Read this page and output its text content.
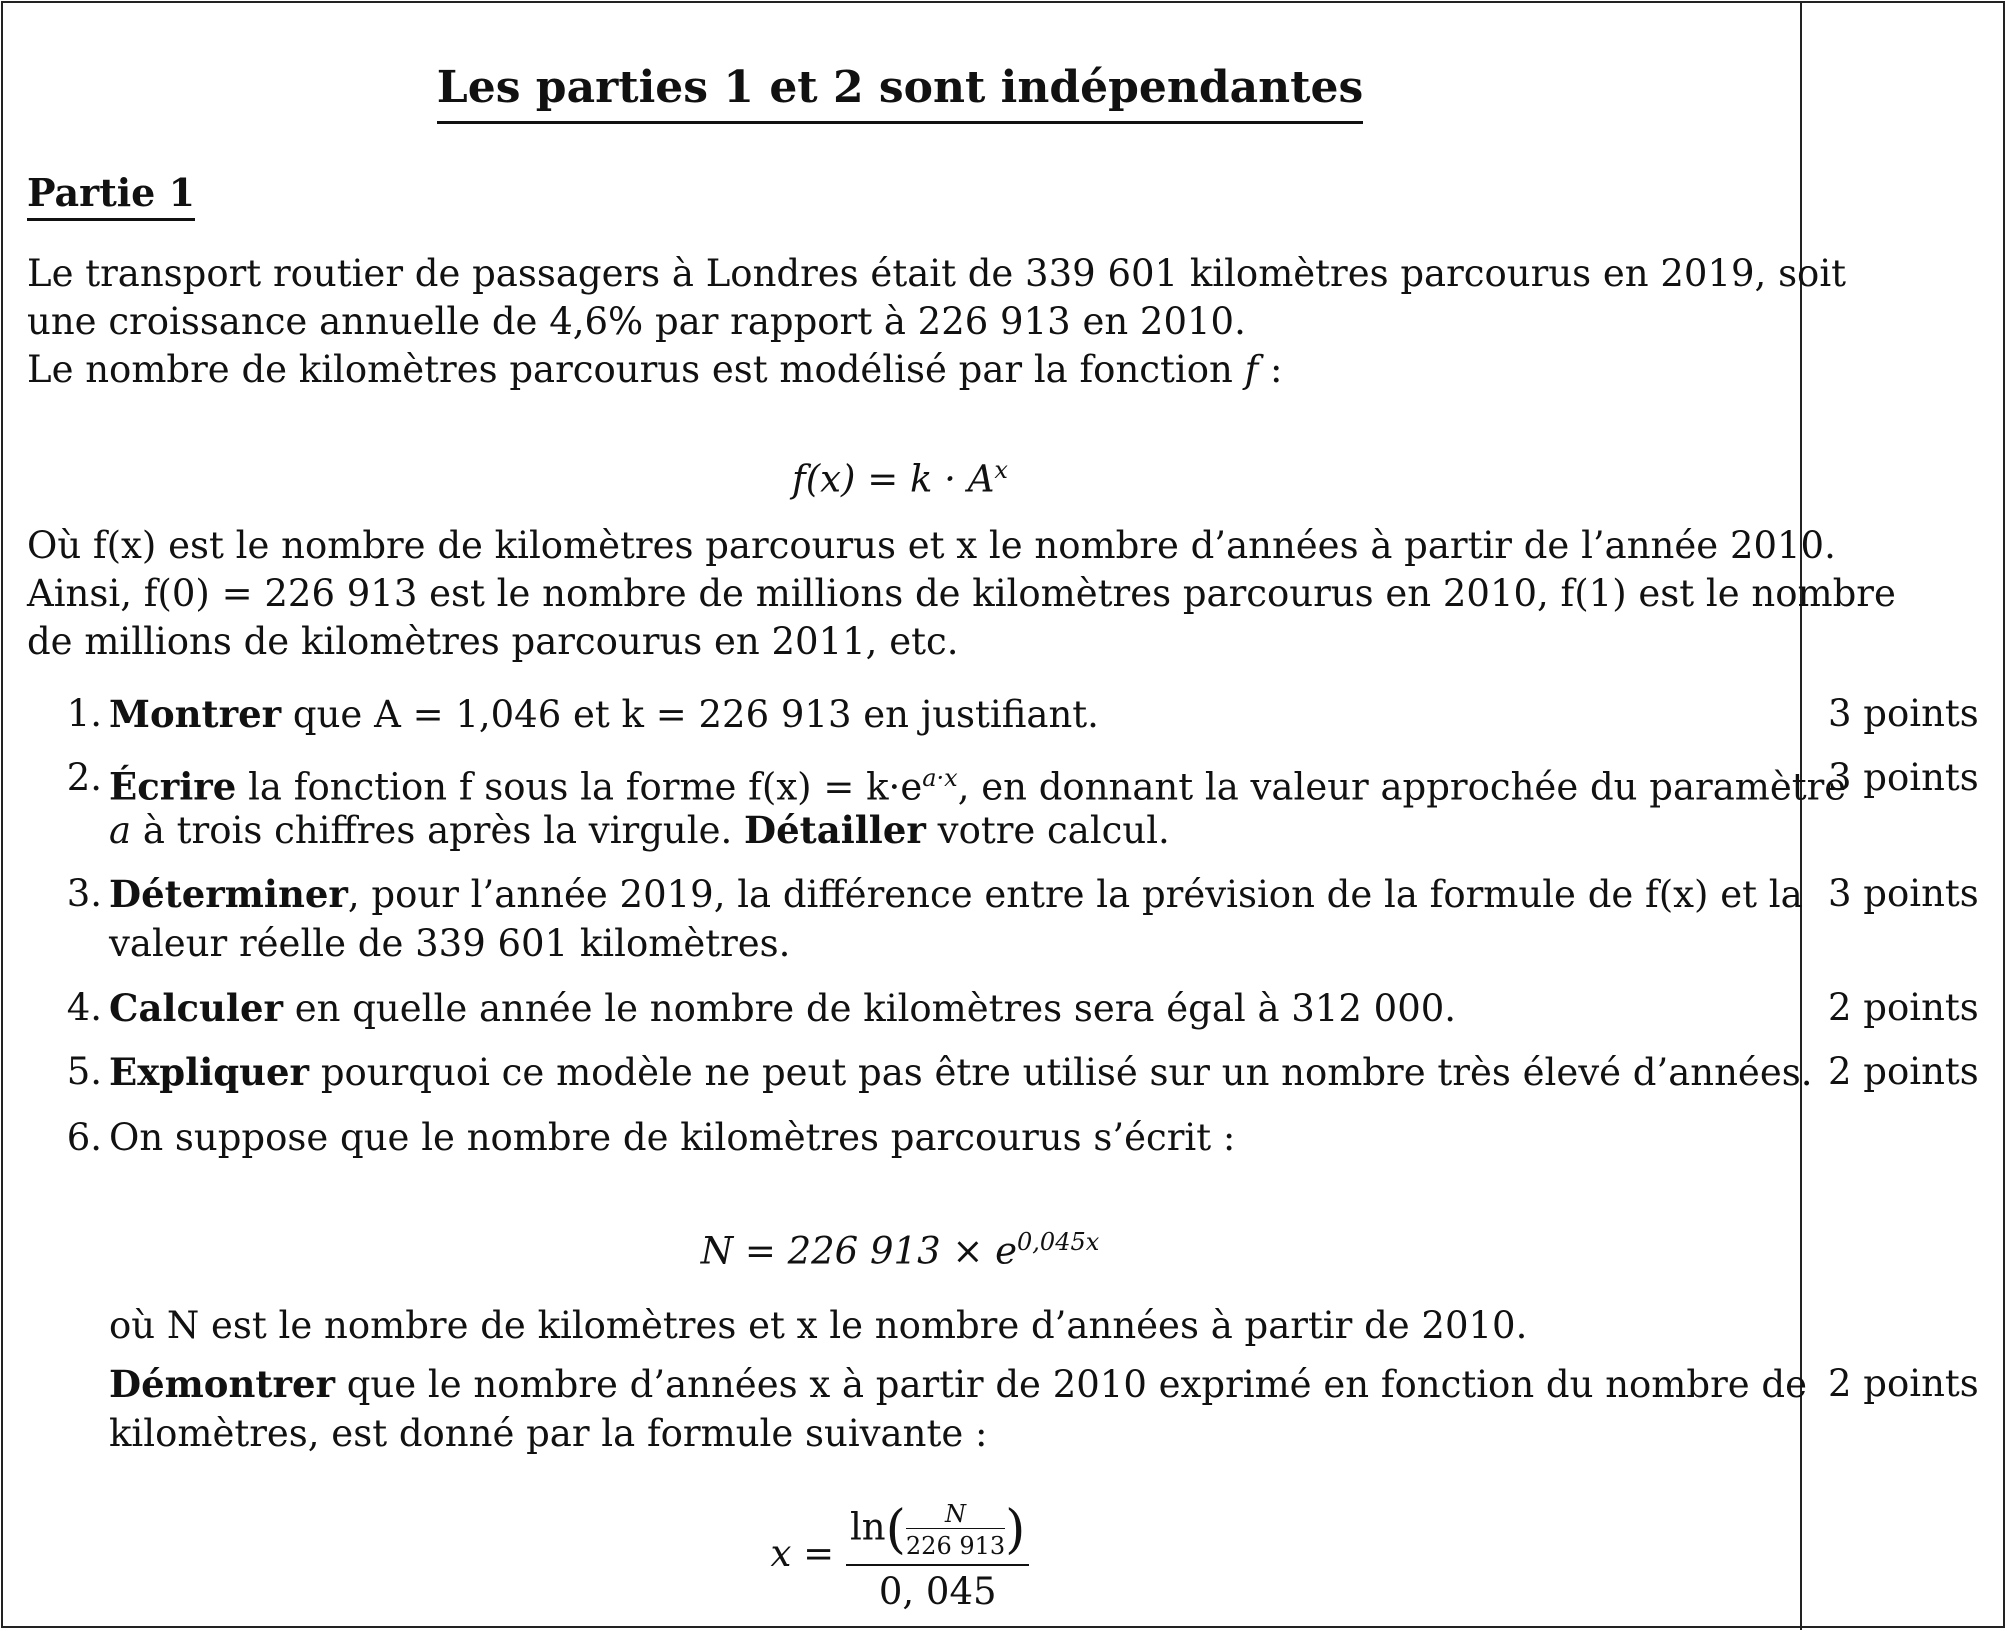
Les parties 1 et 2 sont indépendantes
Partie 1
Le transport routier de passagers à Londres était de 339 601 kilomètres parcourus en 2019, soit
une croissance annuelle de 4,6% par rapport à 226 913 en 2010.
Le nombre de kilomètres parcourus est modélisé par la fonction f :
$f(x) = k \cdot A^x$
Où f(x) est le nombre de kilomètres parcourus et x le nombre d’années à partir de l’année 2010.
Ainsi, f(0) = 226 913 est le nombre de millions de kilomètres parcourus en 2010, f(1) est le nombre
de millions de kilomètres parcourus en 2011, etc.
1. Montrer que A = 1,046 et k = 226 913 en justifiant.	3 points
2. Écrire la fonction f sous la forme $f(x) = k\cdot e^{a\cdot x}$, en donnant la valeur approchée du paramètre
a à trois chiffres après la virgule. Détailler votre calcul.
3 points
3. Déterminer, pour l’année 2019, la différence entre la prévision de la formule de f(x) et la
valeur réelle de 339 601 kilomètres.
3 points
4. Calculer en quelle année le nombre de kilomètres sera égal à 312 000.	2 points
5. Expliquer pourquoi ce modèle ne peut pas être utilisé sur un nombre très élevé d’années. 2 points
6. On suppose que le nombre de kilomètres parcourus s’écrit :
N = 226 $913 \times e^{0,045x}$
où N est le nombre de kilomètres et x le nombre d’années à partir de 2010.
Démontrer que le nombre d’années x à partir de 2010 exprimé en fonction du nombre de
kilomètres, est donné par la formule suivante :
2 points
$x = \frac{\ln( \frac{N}{226 913} )}{0, 045}$
